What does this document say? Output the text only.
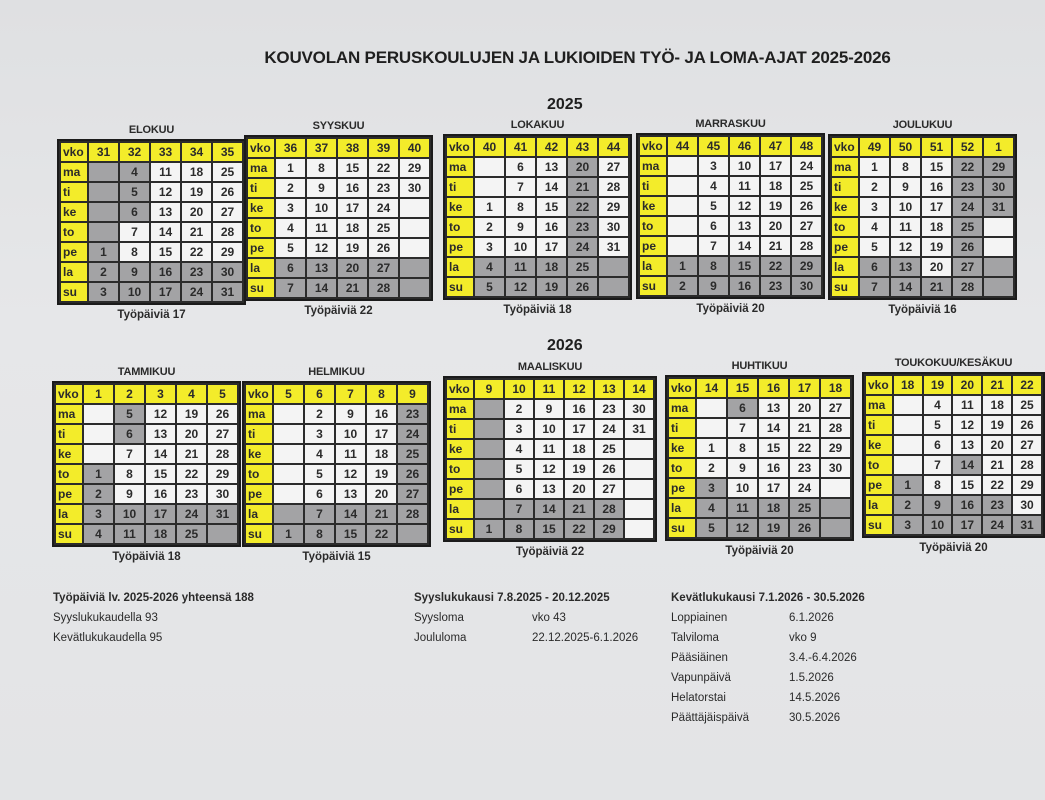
KOUVOLAN PERUSKOULUJEN JA LUKIOIDEN TYÖ- JA LOMA-AJAT 2025-2026
2025
2026
ELOKUU
vko	31	32	33	34	35
ma		4	11	18	25
ti		5	12	19	26
ke		6	13	20	27
to		7	14	21	28
pe	1	8	15	22	29
la	2	9	16	23	30
su	3	10	17	24	31
Työpäiviä 17
SYYSKUU
vko	36	37	38	39	40
ma	1	8	15	22	29
ti	2	9	16	23	30
ke	3	10	17	24	
to	4	11	18	25	
pe	5	12	19	26	
la	6	13	20	27	
su	7	14	21	28	
Työpäiviä 22
LOKAKUU
vko	40	41	42	43	44
ma		6	13	20	27
ti		7	14	21	28
ke	1	8	15	22	29
to	2	9	16	23	30
pe	3	10	17	24	31
la	4	11	18	25	
su	5	12	19	26	
Työpäiviä 18
MARRASKUU
vko	44	45	46	47	48
ma		3	10	17	24
ti		4	11	18	25
ke		5	12	19	26
to		6	13	20	27
pe		7	14	21	28
la	1	8	15	22	29
su	2	9	16	23	30
Työpäiviä 20
JOULUKUU
vko	49	50	51	52	1
ma	1	8	15	22	29
ti	2	9	16	23	30
ke	3	10	17	24	31
to	4	11	18	25	
pe	5	12	19	26	
la	6	13	20	27	
su	7	14	21	28	
Työpäiviä 16
TAMMIKUU
vko	1	2	3	4	5
ma		5	12	19	26
ti		6	13	20	27
ke		7	14	21	28
to	1	8	15	22	29
pe	2	9	16	23	30
la	3	10	17	24	31
su	4	11	18	25	
Työpäiviä 18
HELMIKUU
vko	5	6	7	8	9
ma		2	9	16	23
ti		3	10	17	24
ke		4	11	18	25
to		5	12	19	26
pe		6	13	20	27
la		7	14	21	28
su	1	8	15	22	
Työpäiviä 15
MAALISKUU
vko	9	10	11	12	13	14
ma		2	9	16	23	30
ti		3	10	17	24	31
ke		4	11	18	25	
to		5	12	19	26	
pe		6	13	20	27	
la		7	14	21	28	
su	1	8	15	22	29	
Työpäiviä 22
HUHTIKUU
vko	14	15	16	17	18
ma		6	13	20	27
ti		7	14	21	28
ke	1	8	15	22	29
to	2	9	16	23	30
pe	3	10	17	24	
la	4	11	18	25	
su	5	12	19	26	
Työpäiviä 20
TOUKOKUU/KESÄKUU
vko	18	19	20	21	22
ma		4	11	18	25
ti		5	12	19	26
ke		6	13	20	27
to		7	14	21	28
pe	1	8	15	22	29
la	2	9	16	23	30
su	3	10	17	24	31
Työpäiviä 20
Työpäiviä lv. 2025-2026 yhteensä 188
Syyslukukaudella 93
Kevätlukukaudella 95
Syyslukukausi 7.8.2025 - 20.12.2025
Syysloma	vko 43
Joululoma	22.12.2025-6.1.2026
Kevätlukukausi 7.1.2026 - 30.5.2026
Loppiainen	6.1.2026
Talviloma	vko 9
Pääsiäinen	3.4.-6.4.2026
Vapunpäivä	1.5.2026
Helatorstai	14.5.2026
Päättäjäispäivä	30.5.2026
